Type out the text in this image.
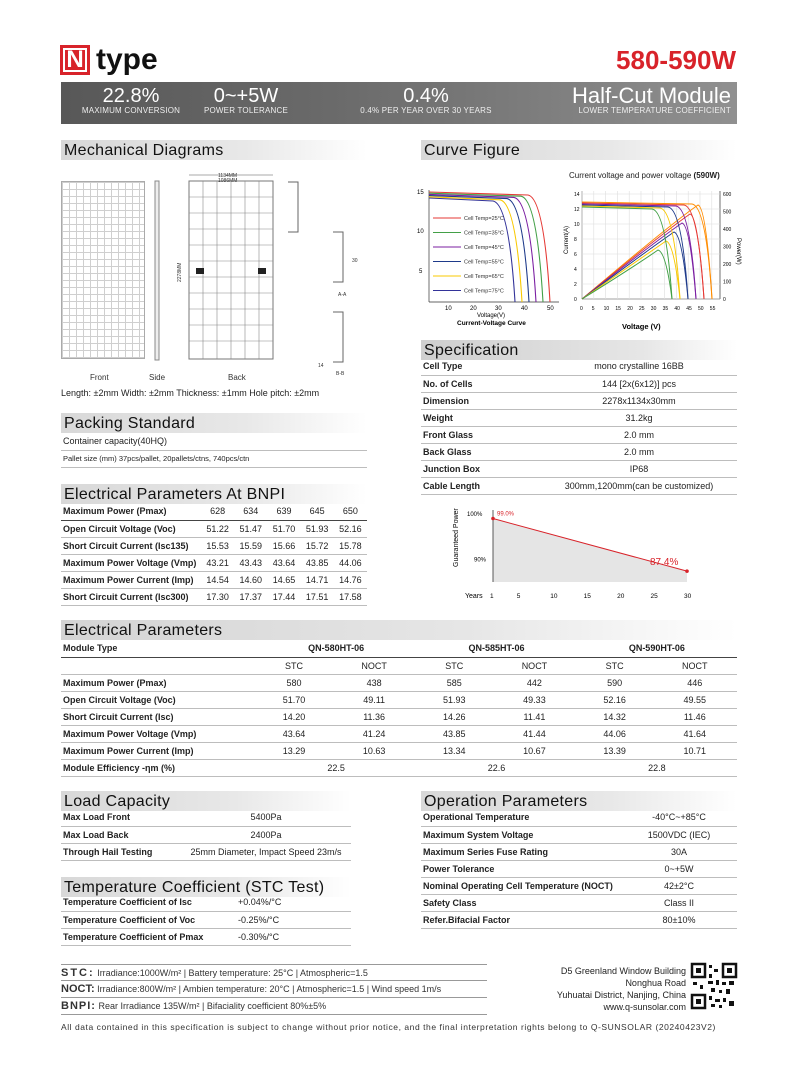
N type	580-590W
22.8%
MAXIMUM CONVERSION
0~+5W
POWER TOLERANCE
0.4%
0.4% PER YEAR OVER 30 YEARS
Half-Cut Module
LOWER TEMPERATURE COEFFICIENT
Mechanical Diagrams
1134MM
1086MM
2278MM
A-A
B-B
30
14
Front	Side	Back
Length: ±2mm Width: ±2mm Thickness: ±1mm Hole pitch: ±2mm
Packing Standard
Container capacity(40HQ)
Pallet size (mm) 37pcs/pallet, 20pallets/ctns, 740pcs/ctn
Electrical Parameters At BNPI
Maximum Power (Pmax)	628	634	639	645	650
Open Circuit Voltage (Voc)	51.22	51.47	51.70	51.93	52.16
Short Circuit Current (Isc135)	15.53	15.59	15.66	15.72	15.78
Maximum Power Voltage (Vmp)	43.21	43.43	43.64	43.85	44.06
Maximum Power Current (Imp)	14.54	14.60	14.65	14.71	14.76
Short Circuit Current (Isc300)	17.30	17.37	17.44	17.51	17.58
Curve Figure
5
10
15
10	20	30	40	50
Cell Temp=25°C
Cell Temp=35°C
Cell Temp=45°C
Cell Temp=55°C
Cell Temp=65°C
Cell Temp=75°C
Voltage(V)
Current-Voltage Curve
Current voltage and power voltage (590W)
0
2
4
6
8
10
12
14
0
100
200
300
400
500
600
0 5 10 15 20 25 30 35 40 45 50 55
Current(A)	Power(W)
Voltage (V)
Specification
Cell Type	mono crystalline 16BB
No. of Cells	144 [2x(6x12)] pcs
Dimension	2278x1134x30mm
Weight	31.2kg
Front Glass	2.0 mm
Back Glass	2.0 mm
Junction Box	IP68
Cable Length	300mm,1200mm(can be customized)
99.0%
87.4%
100%
90%
1	5	10	15	20	25	30
Guaranteed Power
Years
Electrical Parameters
Module Type	QN-580HT-06		QN-585HT-06		QN-590HT-06	
	STC	NOCT	STC	NOCT	STC	NOCT
Maximum Power (Pmax)	580	438	585	442	590	446
Open Circuit Voltage (Voc)	51.70	49.11	51.93	49.33	52.16	49.55
Short Circuit Current (Isc)	14.20	11.36	14.26	11.41	14.32	11.46
Maximum Power Voltage (Vmp)	43.64	41.24	43.85	41.44	44.06	41.64
Maximum Power Current (Imp)	13.29	10.63	13.34	10.67	13.39	10.71
Module Efficiency -ηm (%)	22.5		22.6		22.8	
Load Capacity
Max Load Front	5400Pa
Max Load Back	2400Pa
Through Hail Testing	25mm Diameter, Impact Speed 23m/s
Temperature Coefficient (STC Test)
Temperature Coefficient of Isc	+0.04%/°C
Temperature Coefficient of Voc	-0.25%/°C
Temperature Coefficient of Pmax	-0.30%/°C
Operation Parameters
Operational Temperature	-40°C~+85°C
Maximum System Voltage	1500VDC (IEC)
Maximum Series Fuse Rating	30A
Power Tolerance	0~+5W
Nominal Operating Cell Temperature (NOCT)	42±2°C
Safety Class	Class II
Refer.Bifacial Factor	80±10%
STC: Irradiance:1000W/m² | Battery temperature: 25°C | Atmospheric=1.5
NOCT: Irradiance:800W/m² | Ambien temperature: 20°C | Atmospheric=1.5 | Wind speed 1m/s
BNPI: Rear Irradiance 135W/m² | Bifaciality coefficient 80%±5%
D5 Greenland Window Building
Nonghua Road
Yuhuatai District, Nanjing, China
www.q-sunsolar.com
All data contained in this specification is subject to change without prior notice, and the final interpretation rights belong to Q-SUNSOLAR (20240423V2)
